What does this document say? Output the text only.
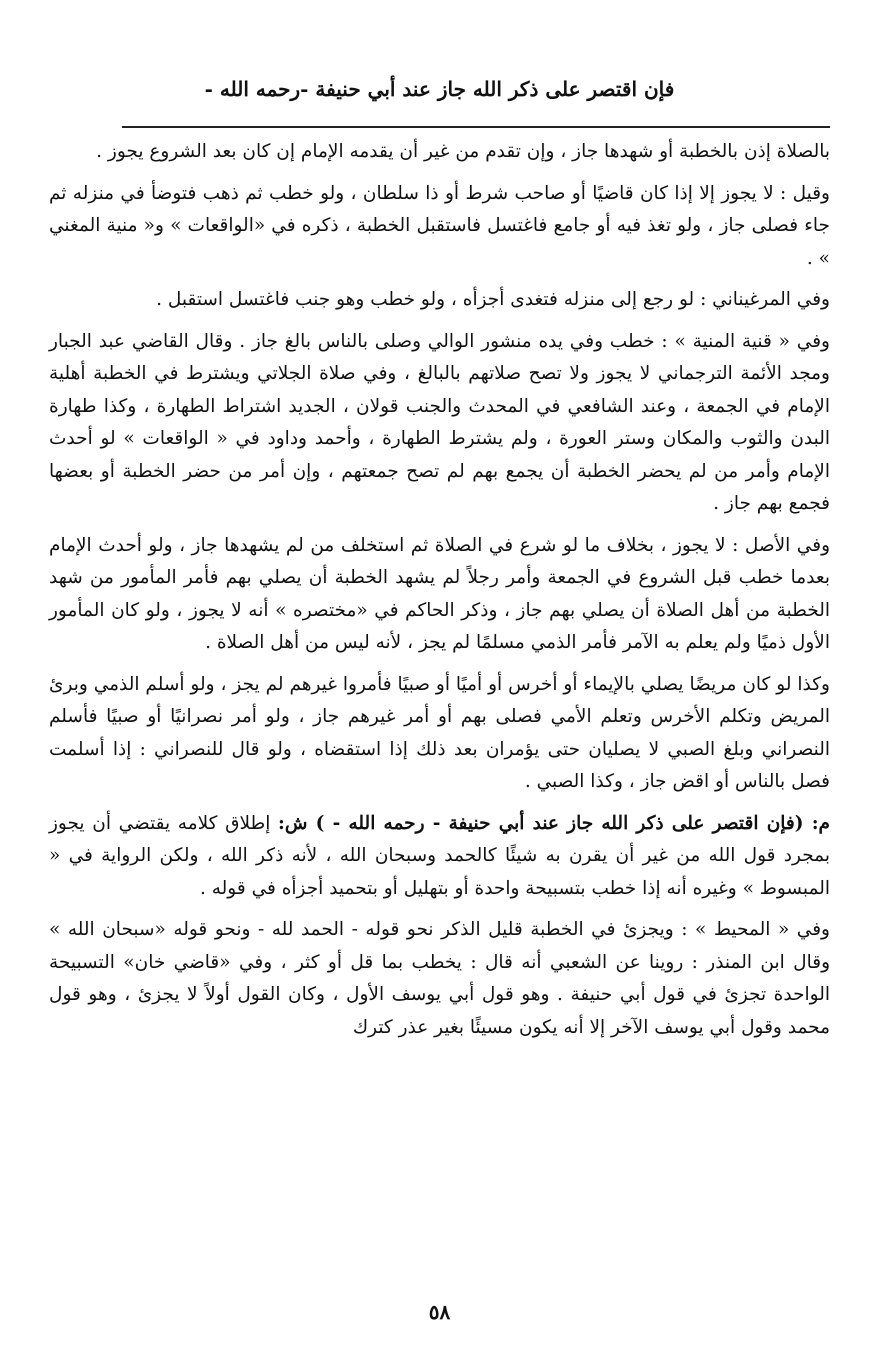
فإن اقتصر على ذكر الله جاز عند أبي حنيفة -رحمه الله -

بالصلاة إذن بالخطبة أو شهدها جاز ، وإن تقدم من غير أن يقدمه الإمام إن كان بعد الشروع يجوز .

وقيل : لا يجوز إلا إذا كان قاضيًا أو صاحب شرط أو ذا سلطان ، ولو خطب ثم ذهب فتوضأ في منزله ثم جاء فصلى جاز ، ولو تغذ فيه أو جامع فاغتسل فاستقبل الخطبة ، ذكره في «الواقعات » و« منية المغني » .

وفي المرغيناني : لو رجع إلى منزله فتغدى أجزأه ، ولو خطب وهو جنب فاغتسل استقبل .

وفي « قنية المنية » : خطب وفي يده منشور الوالي وصلى بالناس بالغ جاز . وقال القاضي عبد الجبار ومجد الأئمة الترجماني لا يجوز ولا تصح صلاتهم بالبالغ ، وفي صلاة الجلاتي ويشترط في الخطبة أهلية الإمام في الجمعة ، وعند الشافعي في المحدث والجنب قولان ، الجديد اشتراط الطهارة ، وكذا طهارة البدن والثوب والمكان وستر العورة ، ولم يشترط الطهارة ، وأحمد وداود في « الواقعات » لو أحدث الإمام وأمر من لم يحضر الخطبة أن يجمع بهم لم تصح جمعتهم ، وإن أمر من حضر الخطبة أو بعضها فجمع بهم جاز .

وفي الأصل : لا يجوز ، بخلاف ما لو شرع في الصلاة ثم استخلف من لم يشهدها جاز ، ولو أحدث الإمام بعدما خطب قبل الشروع في الجمعة وأمر رجلاً لم يشهد الخطبة أن يصلي بهم فأمر المأمور من شهد الخطبة من أهل الصلاة أن يصلي بهم جاز ، وذكر الحاكم في «مختصره » أنه لا يجوز ، ولو كان المأمور الأول ذميًا ولم يعلم به الآمر فأمر الذمي مسلمًا لم يجز ، لأنه ليس من أهل الصلاة .

وكذا لو كان مريضًا يصلي بالإيماء أو أخرس أو أميًا أو صبيًا فأمروا غيرهم لم يجز ، ولو أسلم الذمي وبرئ المريض وتكلم الأخرس وتعلم الأمي فصلى بهم أو أمر غيرهم جاز ، ولو أمر نصرانيًا أو صبيًا فأسلم النصراني وبلغ الصبي لا يصليان حتى يؤمران بعد ذلك إذا استقضاه ، ولو قال للنصراني : إذا أسلمت فصل بالناس أو اقض جاز ، وكذا الصبي .

م: (فإن اقتصر على ذكر الله جاز عند أبي حنيفة - رحمه الله - ) ش: إطلاق كلامه يقتضي أن يجوز بمجرد قول الله من غير أن يقرن به شيئًا كالحمد وسبحان الله ، لأنه ذكر الله ، ولكن الرواية في « المبسوط » وغيره أنه إذا خطب بتسبيحة واحدة أو بتهليل أو بتحميد أجزأه في قوله .

وفي « المحيط » : ويجزئ في الخطبة قليل الذكر نحو قوله - الحمد لله - ونحو قوله «سبحان الله » وقال ابن المنذر : روينا عن الشعبي أنه قال : يخطب بما قل أو كثر ، وفي «قاضي خان» التسبيحة الواحدة تجزئ في قول أبي حنيفة . وهو قول أبي يوسف الأول ، وكان القول أولاً لا يجزئ ، وهو قول محمد وقول أبي يوسف الآخر إلا أنه يكون مسيئًا بغير عذر كترك

٥٨
